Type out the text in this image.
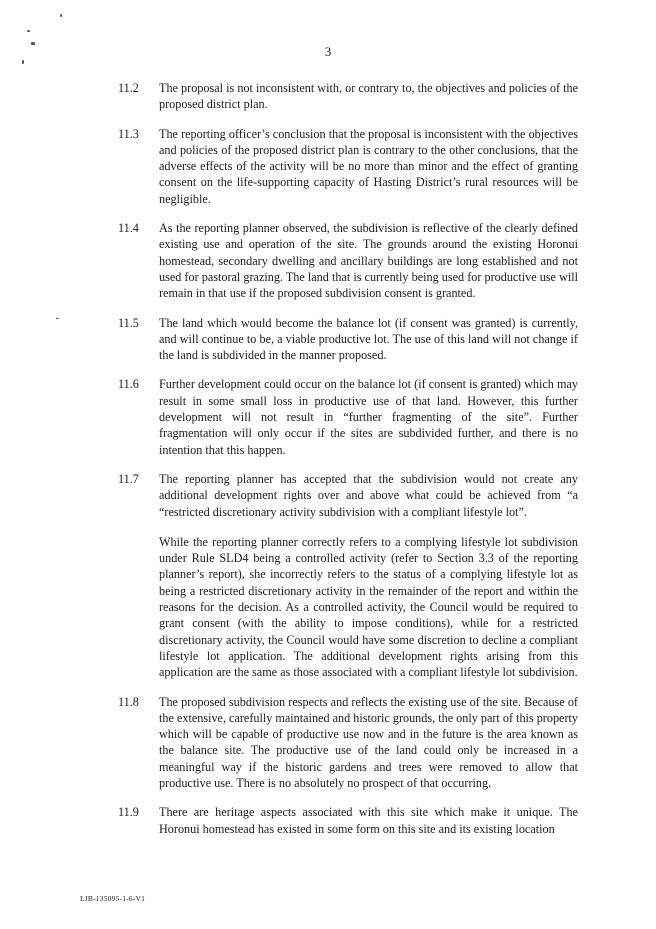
3
11.2	The proposal is not inconsistent with, or contrary to, the objectives and policies of the proposed district plan.

11.3	The reporting officer’s conclusion that the proposal is inconsistent with the objectives and policies of the proposed district plan is contrary to the other conclusions, that the adverse effects of the activity will be no more than minor and the effect of granting consent on the life-supporting capacity of Hasting District’s rural resources will be negligible.

11.4	As the reporting planner observed, the subdivision is reflective of the clearly defined existing use and operation of the site. The grounds around the existing Horonui homestead, secondary dwelling and ancillary buildings are long established and not used for pastoral grazing. The land that is currently being used for productive use will remain in that use if the proposed subdivision consent is granted.

11.5	The land which would become the balance lot (if consent was granted) is currently, and will continue to be, a viable productive lot. The use of this land will not change if the land is subdivided in the manner proposed.

11.6	Further development could occur on the balance lot (if consent is granted) which may result in some small loss in productive use of that land. However, this further development will not result in “further fragmenting of the site”. Further fragmentation will only occur if the sites are subdivided further, and there is no intention that this happen.

11.7	The reporting planner has accepted that the subdivision would not create any additional development rights over and above what could be achieved from “a “restricted discretionary activity subdivision with a compliant lifestyle lot”.

While the reporting planner correctly refers to a complying lifestyle lot subdivision under Rule SLD4 being a controlled activity (refer to Section 3.3 of the reporting planner’s report), she incorrectly refers to the status of a complying lifestyle lot as being a restricted discretionary activity in the remainder of the report and within the reasons for the decision. As a controlled activity, the Council would be required to grant consent (with the ability to impose conditions), while for a restricted discretionary activity, the Council would have some discretion to decline a compliant lifestyle lot application. The additional development rights arising from this application are the same as those associated with a compliant lifestyle lot subdivision.

11.8	The proposed subdivision respects and reflects the existing use of the site. Because of the extensive, carefully maintained and historic grounds, the only part of this property which will be capable of productive use now and in the future is the area known as the balance site. The productive use of the land could only be increased in a meaningful way if the historic gardens and trees were removed to allow that productive use. There is no absolutely no prospect of that occurring.

11.9	There are heritage aspects associated with this site which make it unique. The Horonui homestead has existed in some form on this site and its existing location

LJB-135095-1-6-V1
